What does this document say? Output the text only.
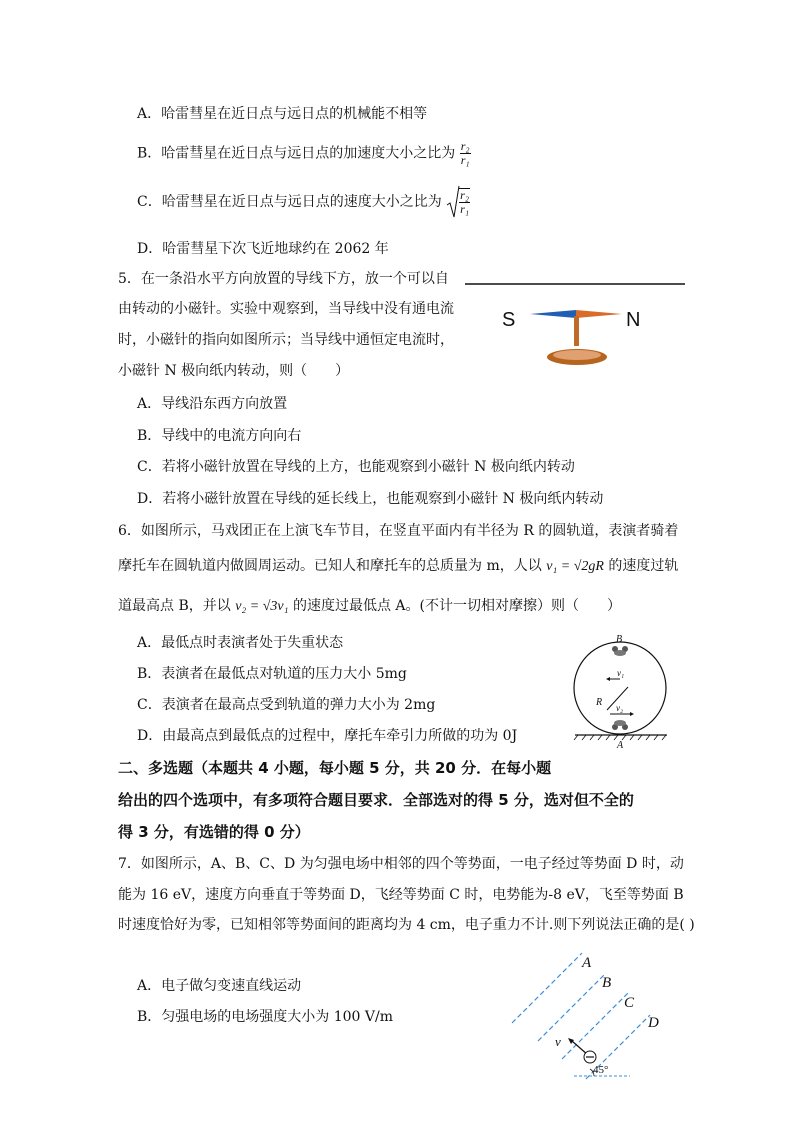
A．哈雷彗星在近日点与远日点的机械能不相等
B．哈雷彗星在近日点与远日点的加速度大小之比为 $\frac{\text{r₂}}{\text{r₁}}$
C．哈雷彗星在近日点与远日点的速度大小之比为 $\frac{\text{r₂}}{\text{r₁}}$
D．哈雷彗星下次飞近地球约在 2062 年
5．在一条沿水平方向放置的导线下方，放一个可以自
由转动的小磁针。实验中观察到，当导线中没有通电流
时，小磁针的指向如图所示；当导线中通恒定电流时，
小磁针 N 极向纸内转动，则（　　）
A．导线沿东西方向放置
B．导线中的电流方向向右
C．若将小磁针放置在导线的上方，也能观察到小磁针 N 极向纸内转动
D．若将小磁针放置在导线的延长线上，也能观察到小磁针 N 极向纸内转动
S	N
6．如图所示，马戏团正在上演飞车节目，在竖直平面内有半径为 R 的圆轨道，表演者骑着
摩托车在圆轨道内做圆周运动。已知人和摩托车的总质量为 m，人以 v₁ = √2gR 的速度过轨
道最高点 B，并以 v₂ = √3v₁ 的速度过最低点 A。(不计一切相对摩擦）则（　　）
A．最低点时表演者处于失重状态
B．表演者在最低点对轨道的压力大小 5mg
C．表演者在最高点受到轨道的弹力大小为 2mg
D．由最高点到最低点的过程中，摩托车牵引力所做的功为 0J
B
A
R
v₁
v₂
二、多选题（本题共 4 小题，每小题 5 分，共 20 分．在每小题
给出的四个选项中，有多项符合题目要求．全部选对的得 5 分，选对但不全的
得 3 分，有选错的得 0 分）
7．如图所示，A、B、C、D 为匀强电场中相邻的四个等势面，一电子经过等势面 D 时，动
能为 16 eV，速度方向垂直于等势面 D，飞经等势面 C 时，电势能为-8 eV，飞至等势面 B
时速度恰好为零，已知相邻等势面间的距离均为 4 cm，电子重力不计.则下列说法正确的是( )
A．电子做匀变速直线运动
B．匀强电场的电场强度大小为 100 V/m
A
B
C
D
v
45°
